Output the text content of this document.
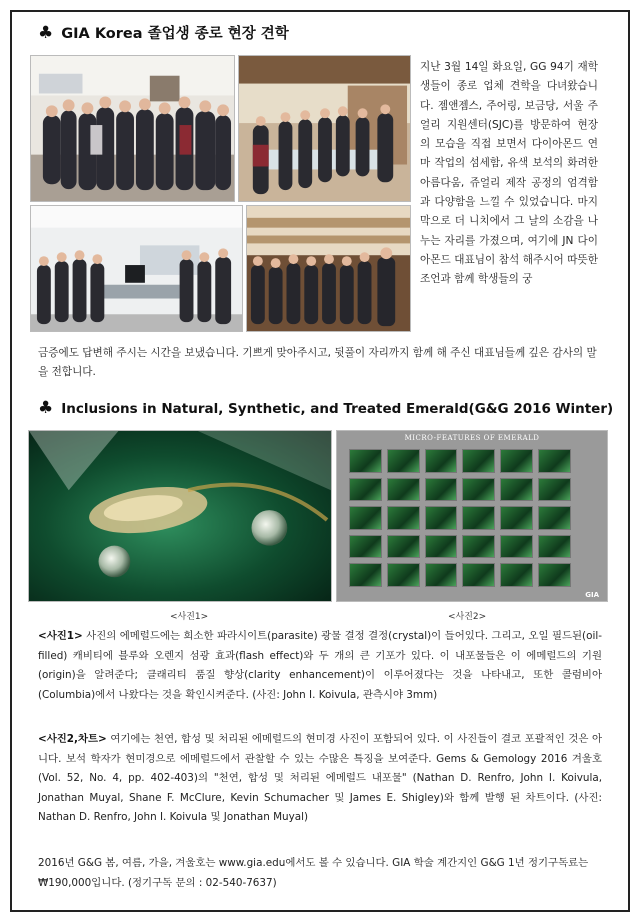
♣ GIA Korea 졸업생 종로 현장 견학
지난 3월 14일 화요일, GG 94기 재학생들이 종로 업체 견학을 다녀왔습니다. 젬앤젬스, 주어링, 보금당, 서울 주얼리 지원센터(SJC)를 방문하여 현장의 모습을 직접 보면서 다이아몬드 연마 작업의 섬세함, 유색 보석의 화려한 아름다움, 쥬얼리 제작 공정의 엄격함과 다양함을 느낄 수 있었습니다. 마지막으로 더 니치에서 그 날의 소감을 나누는 자리를 가졌으며, 여기에 JN 다이아몬드 대표님이 참석 해주시어 따뜻한 조언과 함께 학생들의 궁
금증에도 답변해 주시는 시간을 보냈습니다. 기쁘게 맞아주시고, 뒷풀이 자리까지 함께 해 주신 대표님들께 깊은 감사의 말을 전합니다.
♣ Inclusions in Natural, Synthetic, and Treated Emerald(G&G 2016 Winter)
MICRO-FEATURES OF EMERALD
GIA
<사진1>	<사진2>
<사진1> 사진의 에메럴드에는 희소한 파라시이트(parasite) 광물 결정 결정(crystal)이 들어있다. 그리고, 오일 필드된(oil-filled) 캐비티에 블루와 오렌지 섬광 효과(flash effect)와 두 개의 큰 기포가 있다. 이 내포물들은 이 에메럴드의 기원(origin)을 알려준다; 클래리티 품질 향상(clarity enhancement)이 이루어졌다는 것을 나타내고, 또한 콜럼비아(Columbia)에서 나왔다는 것을 확인시켜준다. (사진: John I. Koivula, 관측시야 3mm)
<사진2,차트> 여기에는 천연, 합성 및 처리된 에메럴드의 현미경 사진이 포함되어 있다. 이 사진들이 결코 포괄적인 것은 아니다. 보석 학자가 현미경으로 에메럴드에서 관찰할 수 있는 수많은 특징을 보여준다. Gems & Gemology 2016 겨울호(Vol. 52, No. 4, pp. 402-403)의 "천연, 합성 및 처리된 에메럴드 내포물" (Nathan D. Renfro, John I. Koivula, Jonathan Muyal, Shane F. McClure, Kevin Schumacher 및 James E. Shigley)와 함께 발행 된 차트이다. (사진: Nathan D. Renfro, John I. Koivula 및 Jonathan Muyal)
2016년 G&G 봄, 여름, 가을, 겨울호는 www.gia.edu에서도 볼 수 있습니다. GIA 학술 계간지인 G&G 1년 정기구독료는 ₩190,000입니다. (정기구독 문의 : 02-540-7637)
